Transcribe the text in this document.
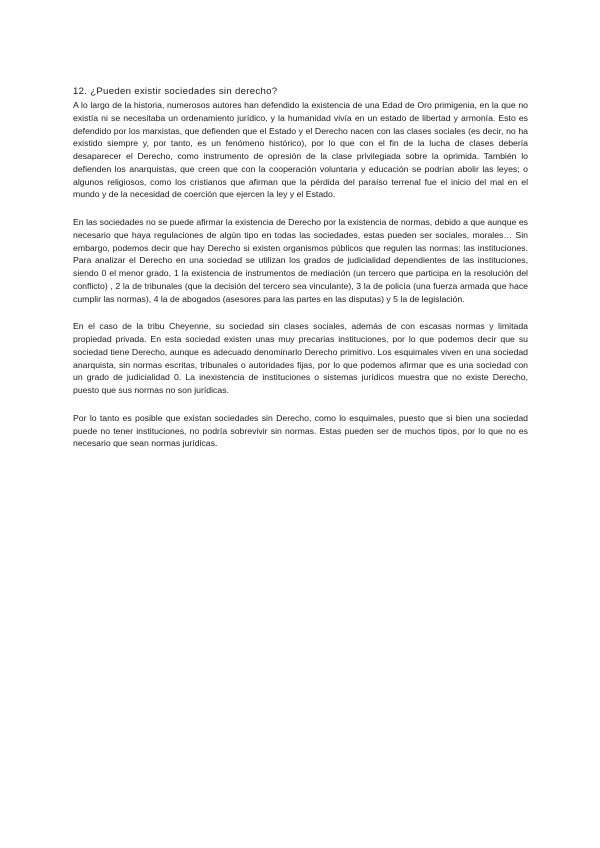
12. ¿Pueden existir sociedades sin derecho?

A lo largo de la historia, numerosos autores han defendido la existencia de una Edad de Oro primigenia, en la que no existía ni se necesitaba un ordenamiento jurídico, y la humanidad vivía en un estado de libertad y armonía. Esto es defendido por los marxistas, que defienden que el Estado y el Derecho nacen con las clases sociales (es decir, no ha existido siempre y, por tanto, es un fenómeno histórico), por lo que con el fin de la lucha de clases debería desaparecer el Derecho, como instrumento de opresión de la clase privilegiada sobre la oprimida. También lo defienden los anarquistas, que creen que con la cooperación voluntaria y educación se podrían abolir las leyes; o algunos religiosos, como los cristianos que afirman que la pérdida del paraíso terrenal fue el inicio del mal en el mundo y de la necesidad de coerción que ejercen la ley y el Estado.

En las sociedades no se puede afirmar la existencia de Derecho por la existencia de normas, debido a que aunque es necesario que haya regulaciones de algún tipo en todas las sociedades, estas pueden ser sociales, morales… Sin embargo, podemos decir que hay Derecho si existen organismos públicos que regulen las normas: las instituciones. Para analizar el Derecho en una sociedad se utilizan los grados de judicialidad dependientes de las instituciones, siendo 0 el menor grado, 1 la existencia de instrumentos de mediación (un tercero que participa en la resolución del conflicto) , 2 la de tribunales (que la decisión del tercero sea vinculante), 3 la de policía (una fuerza armada que hace cumplir las normas), 4 la de abogados (asesores para las partes en las disputas) y 5 la de legislación.

En el caso de la tribu Cheyenne, su sociedad sin clases sociales, además de con escasas normas y limitada propiedad privada. En esta sociedad existen unas muy precarias instituciones, por lo que podemos decir que su sociedad tiene Derecho, aunque es adecuado denominarlo Derecho primitivo. Los esquimales viven en una sociedad anarquista, sin normas escritas, tribunales o autoridades fijas, por lo que podemos afirmar que es una sociedad con un grado de judicialidad 0. La inexistencia de instituciones o sistemas jurídicos muestra que no existe Derecho, puesto que sus normas no son jurídicas.

Por lo tanto es posible que existan sociedades sin Derecho, como lo esquimales, puesto que si bien una sociedad puede no tener instituciones, no podría sobrevivir sin normas. Estas pueden ser de muchos tipos, por lo que no es necesario que sean normas jurídicas.
